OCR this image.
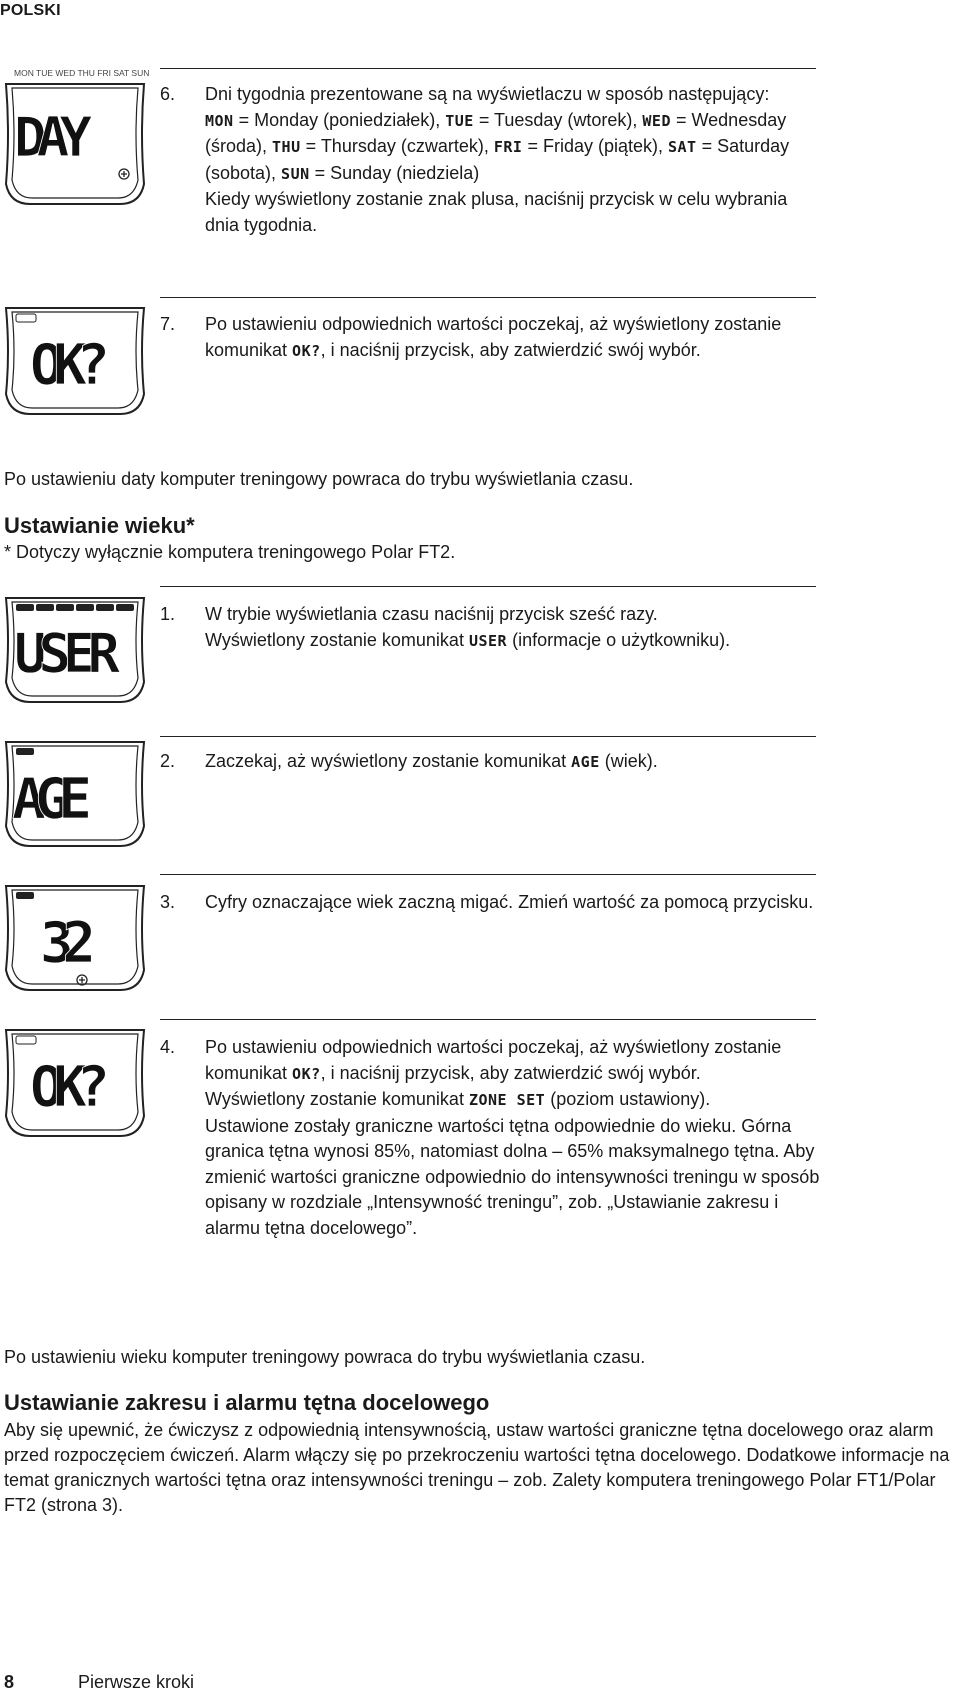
POLSKI
MON TUE WED THU FRI SAT SUN
DAY
6. Dni tygodnia prezentowane są na wyświetlaczu w sposób następujący:
MON = Monday (poniedziałek), TUE = Tuesday (wtorek), WED = Wednesday (środa), THU = Thursday (czwartek), FRI = Friday (piątek), SAT = Saturday (sobota), SUN = Sunday (niedziela)
Kiedy wyświetlony zostanie znak plusa, naciśnij przycisk w celu wybrania dnia tygodnia.

OK?
7. Po ustawieniu odpowiednich wartości poczekaj, aż wyświetlony zostanie komunikat OK?, i naciśnij przycisk, aby zatwierdzić swój wybór.

Po ustawieniu daty komputer treningowy powraca do trybu wyświetlania czasu.
Ustawianie wieku*
* Dotyczy wyłącznie komputera treningowego Polar FT2.
USER
1. W trybie wyświetlania czasu naciśnij przycisk sześć razy.
Wyświetlony zostanie komunikat USER (informacje o użytkowniku).

AGE
2. Zaczekaj, aż wyświetlony zostanie komunikat AGE (wiek).

32
3. Cyfry oznaczające wiek zaczną migać. Zmień wartość za pomocą przycisku.

OK?
4. Po ustawieniu odpowiednich wartości poczekaj, aż wyświetlony zostanie komunikat OK?, i naciśnij przycisk, aby zatwierdzić swój wybór.
Wyświetlony zostanie komunikat ZONE SET (poziom ustawiony).
Ustawione zostały graniczne wartości tętna odpowiednie do wieku. Górna granica tętna wynosi 85%, natomiast dolna – 65% maksymalnego tętna. Aby zmienić wartości graniczne odpowiednio do intensywności treningu w sposób opisany w rozdziale „Intensywność treningu”, zob. „Ustawianie zakresu i alarmu tętna docelowego”.

Po ustawieniu wieku komputer treningowy powraca do trybu wyświetlania czasu.
Ustawianie zakresu i alarmu tętna docelowego
Aby się upewnić, że ćwiczysz z odpowiednią intensywnością, ustaw wartości graniczne tętna docelowego oraz alarm przed rozpoczęciem ćwiczeń. Alarm włączy się po przekroczeniu wartości tętna docelowego. Dodatkowe informacje na temat granicznych wartości tętna oraz intensywności treningu – zob. Zalety komputera treningowego Polar FT1/Polar FT2 (strona 3).
8	Pierwsze kroki
